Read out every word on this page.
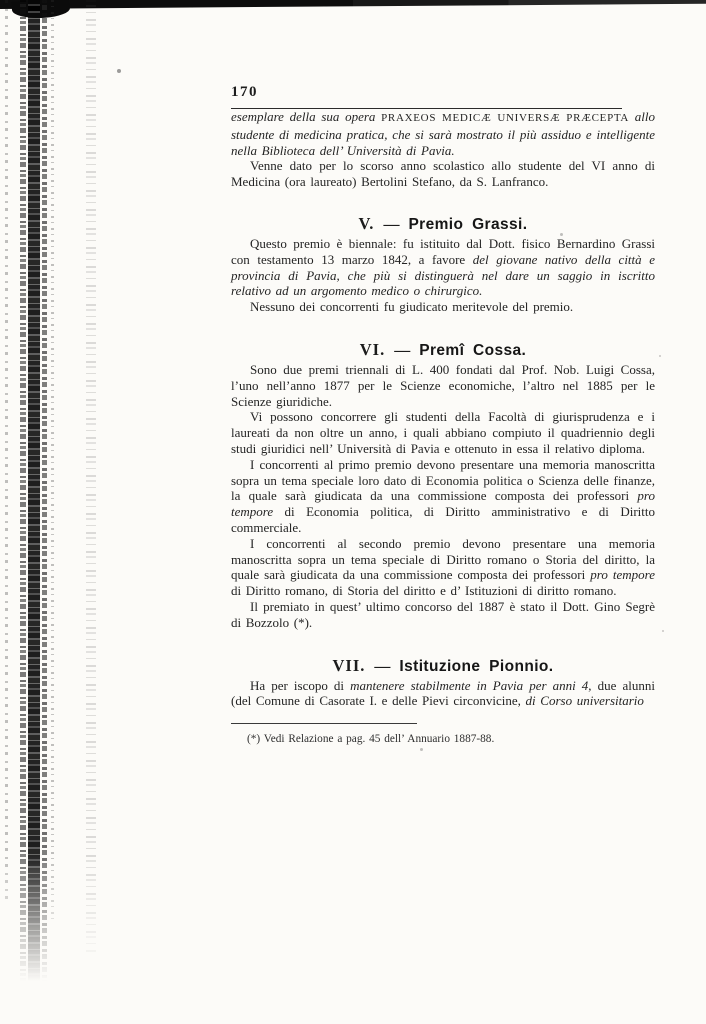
170

esemplare della sua opera PRAXEOS MEDICÆ UNIVERSÆ PRÆCEPTA allo studente di medicina pratica, che si sarà mostrato il più assiduo e intelligente nella Biblioteca dell’ Università di Pavia.

Venne dato per lo scorso anno scolastico allo studente del VI anno di Medicina (ora laureato) Bertolini Stefano, da S. Lanfranco.

V. — Premio Grassi.

Questo premio è biennale: fu istituito dal Dott. fisico Bernardino Grassi con testamento 13 marzo 1842, a favore del giovane nativo della città e provincia di Pavia, che più si distinguerà nel dare un saggio in iscritto relativo ad un argomento medico o chirurgico.

Nessuno dei concorrenti fu giudicato meritevole del premio.

VI. — Premî Cossa.

Sono due premi triennali di L. 400 fondati dal Prof. Nob. Luigi Cossa, l’uno nell’anno 1877 per le Scienze economiche, l’altro nel 1885 per le Scienze giuridiche.

Vi possono concorrere gli studenti della Facoltà di giurisprudenza e i laureati da non oltre un anno, i quali abbiano compiuto il quadriennio degli studi giuridici nell’ Università di Pavia e ottenuto in essa il relativo diploma.

I concorrenti al primo premio devono presentare una memoria manoscritta sopra un tema speciale loro dato di Economia politica o Scienza delle finanze, la quale sarà giudicata da una commissione composta dei professori pro tempore di Economia politica, di Diritto amministrativo e di Diritto commerciale.

I concorrenti al secondo premio devono presentare una memoria manoscritta sopra un tema speciale di Diritto romano o Storia del diritto, la quale sarà giudicata da una commissione composta dei professori pro tempore di Diritto romano, di Storia del diritto e d’ Istituzioni di diritto romano.

Il premiato in quest’ ultimo concorso del 1887 è stato il Dott. Gino Segrè di Bozzolo (*).

VII. — Istituzione Pionnio.

Ha per iscopo di mantenere stabilmente in Pavia per anni 4, due alunni (del Comune di Casorate I. e delle Pievi circonvicine, di Corso universitario

(*) Vedi Relazione a pag. 45 dell’ Annuario 1887-88.
